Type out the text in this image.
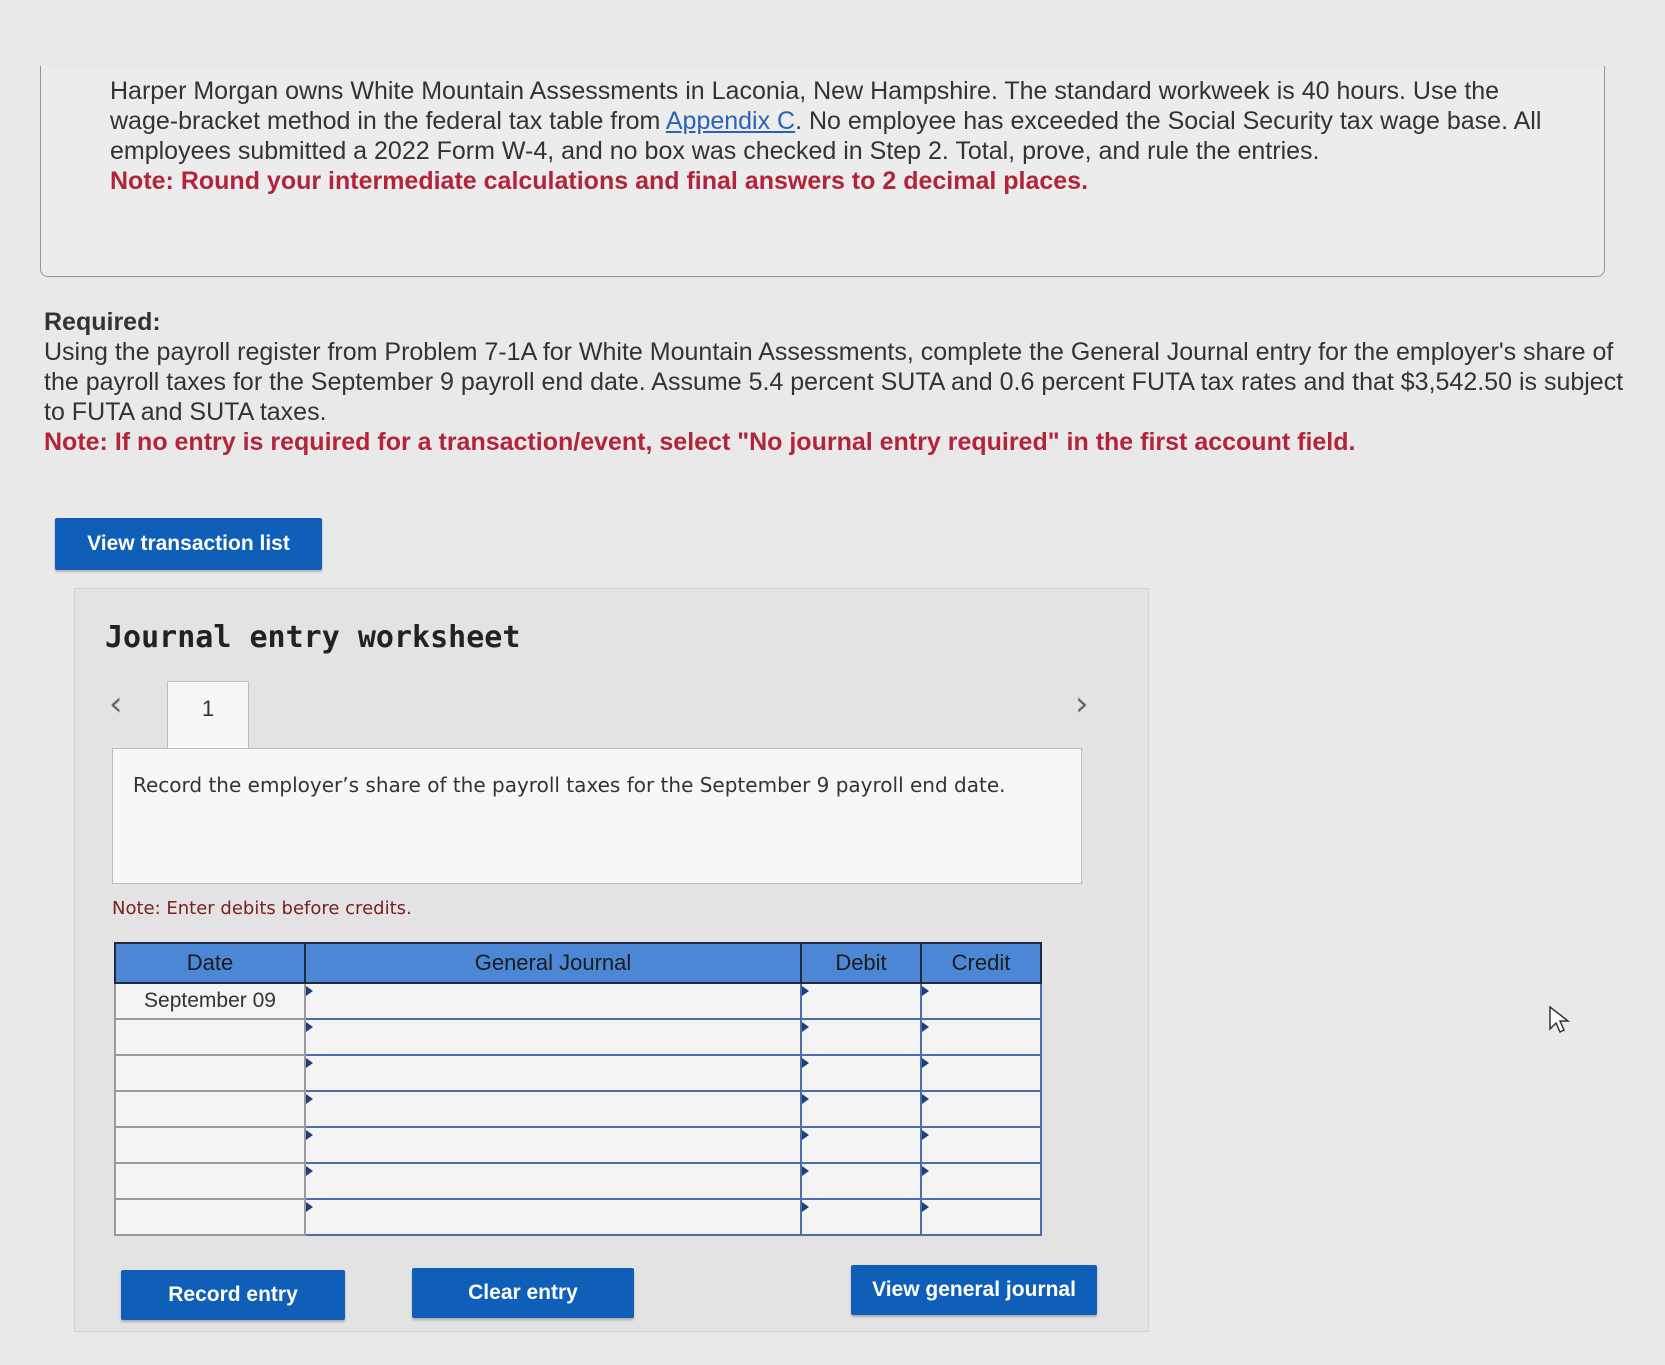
Harper Morgan owns White Mountain Assessments in Laconia, New Hampshire. The standard workweek is 40 hours. Use the wage-bracket method in the federal tax table from Appendix C. No employee has exceeded the Social Security tax wage base. All employees submitted a 2022 Form W-4, and no box was checked in Step 2. Total, prove, and rule the entries.
Note: Round your intermediate calculations and final answers to 2 decimal places.
Required:
Using the payroll register from Problem 7-1A for White Mountain Assessments, complete the General Journal entry for the employer's share of the payroll taxes for the September 9 payroll end date. Assume 5.4 percent SUTA and 0.6 percent FUTA tax rates and that $3,542.50 is subject to FUTA and SUTA taxes.
Note: If no entry is required for a transaction/event, select "No journal entry required" in the first account field.
View transaction list
Journal entry worksheet
‹	›
1
Record the employer’s share of the payroll taxes for the September 9 payroll end date.
Note: Enter debits before credits.
Date	General Journal	Debit	Credit
September 09	

Record entry	Clear entry	View general journal
